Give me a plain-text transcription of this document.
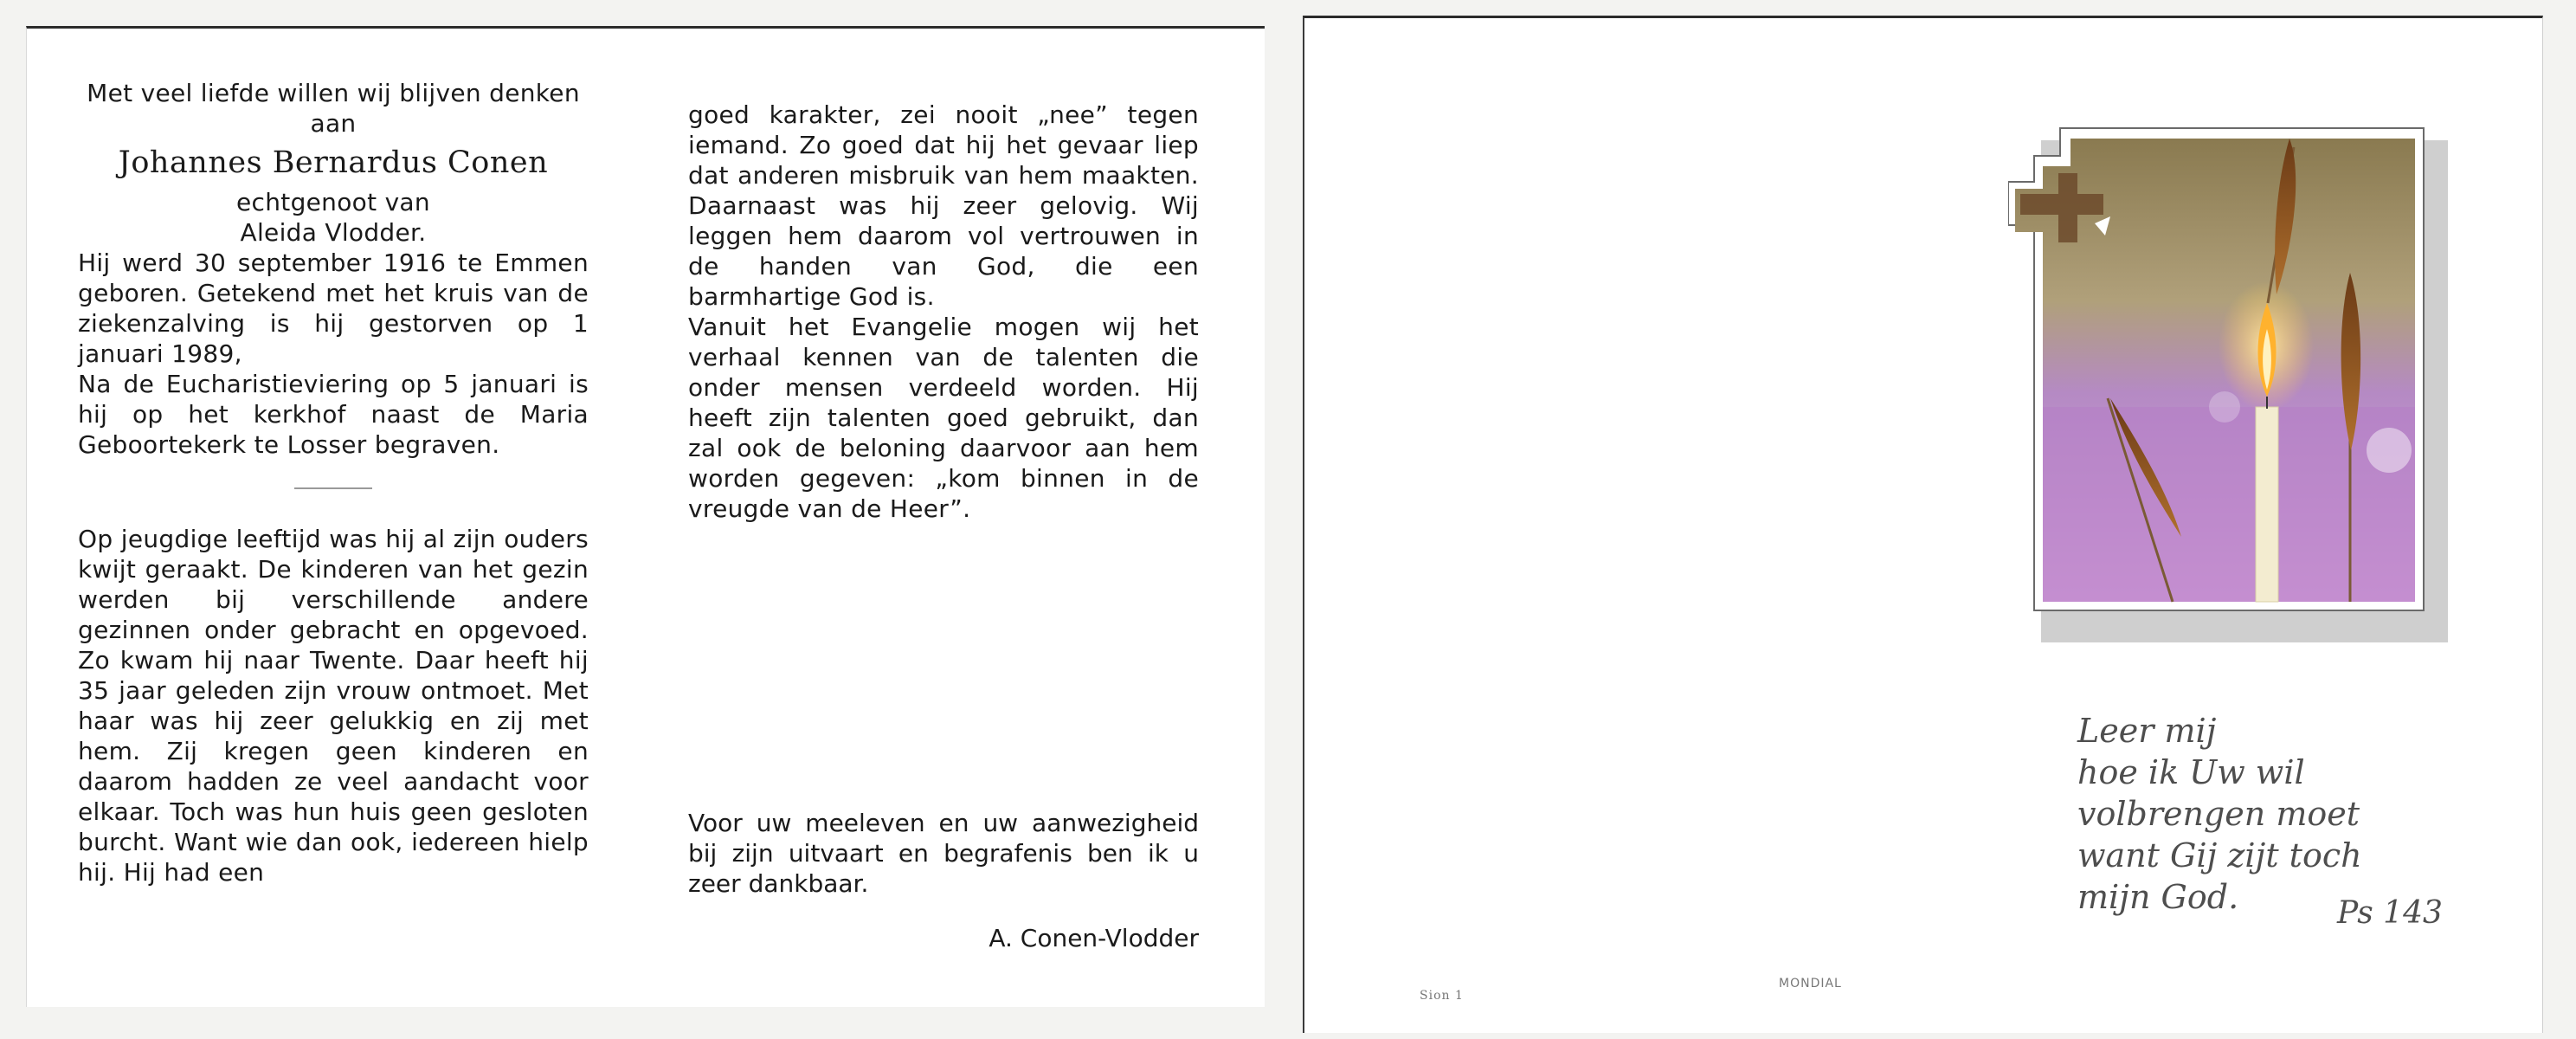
Met veel liefde willen wij blijven denken aan

Johannes Bernardus Conen

echtgenoot van

Aleida Vlodder.

Hij werd 30 september 1916 te Emmen geboren. Getekend met het kruis van de ziekenzalving is hij gestorven op 1 januari 1989,

Na de Eucharistieviering op 5 januari is hij op het kerkhof naast de Maria Geboortekerk te Losser begraven.

Op jeugdige leeftijd was hij al zijn ouders kwijt geraakt. De kinderen van het gezin werden bij verschillende andere gezinnen onder gebracht en opgevoed. Zo kwam hij naar Twente. Daar heeft hij 35 jaar geleden zijn vrouw ontmoet. Met haar was hij zeer gelukkig en zij met hem. Zij kregen geen kinderen en daarom hadden ze veel aandacht voor elkaar. Toch was hun huis geen gesloten burcht. Want wie dan ook, iedereen hielp hij. Hij had een

goed karakter, zei nooit „nee” tegen iemand. Zo goed dat hij het gevaar liep dat anderen misbruik van hem maakten. Daarnaast was hij zeer gelovig. Wij leggen hem daarom vol vertrouwen in de handen van God, die een barmhartige God is.

Vanuit het Evangelie mogen wij het verhaal kennen van de talenten die onder mensen verdeeld worden. Hij heeft zijn talenten goed gebruikt, dan zal ook de beloning daarvoor aan hem worden gegeven: „kom binnen in de vreugde van de Heer”.

Voor uw meeleven en uw aanwezigheid bij zijn uitvaart en begrafenis ben ik u zeer dankbaar.

A. Conen-Vlodder

Leer mij

hoe ik Uw wil

volbrengen moet

want Gij zijt toch

mijn God.	Ps 143
MONDIAL
Sion 1
